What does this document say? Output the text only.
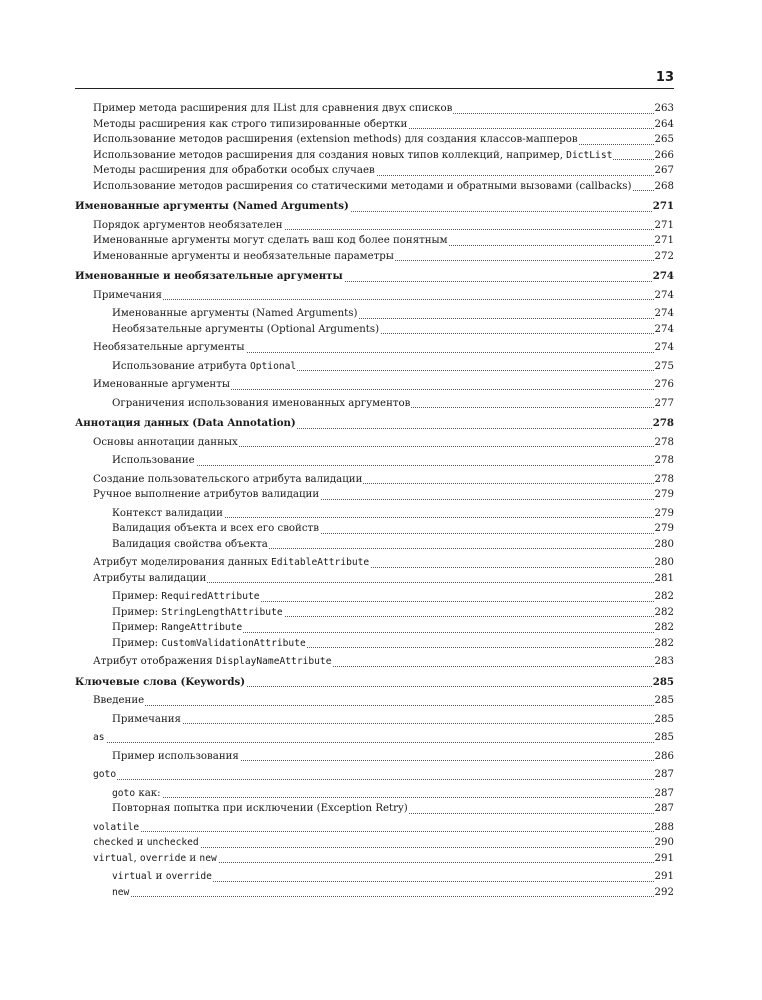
13
Пример метода расширения для IList для сравнения двух списков	263
Методы расширения как строго типизированные обертки	264
Использование методов расширения (extension methods) для создания классов-мапперов	265
Использование методов расширения для создания новых типов коллекций, например, DictList	266
Методы расширения для обработки особых случаев	267
Использование методов расширения со статическими методами и обратными вызовами (callbacks)	268
Именованные аргументы (Named Arguments)	271
Порядок аргументов необязателен	271
Именованные аргументы могут сделать ваш код более понятным	271
Именованные аргументы и необязательные параметры	272
Именованные и необязательные аргументы	274
Примечания	274
Именованные аргументы (Named Arguments)	274
Необязательные аргументы (Optional Arguments)	274
Необязательные аргументы	274
Использование атрибута Optional	275
Именованные аргументы	276
Ограничения использования именованных аргументов	277
Аннотация данных (Data Annotation)	278
Основы аннотации данных	278
Использование	278
Создание пользовательского атрибута валидации	278
Ручное выполнение атрибутов валидации	279
Контекст валидации	279
Валидация объекта и всех его свойств	279
Валидация свойства объекта	280
Атрибут моделирования данных EditableAttribute	280
Атрибуты валидации	281
Пример: RequiredAttribute	282
Пример: StringLengthAttribute	282
Пример: RangeAttribute	282
Пример: CustomValidationAttribute	282
Атрибут отображения DisplayNameAttribute	283
Ключевые слова (Keywords)	285
Введение	285
Примечания	285
as	285
Пример использования	286
goto	287
goto как:	287
Повторная попытка при исключении (Exception Retry)	287
volatile	288
checked и unchecked	290
virtual, override и new	291
virtual и override	291
new	292
